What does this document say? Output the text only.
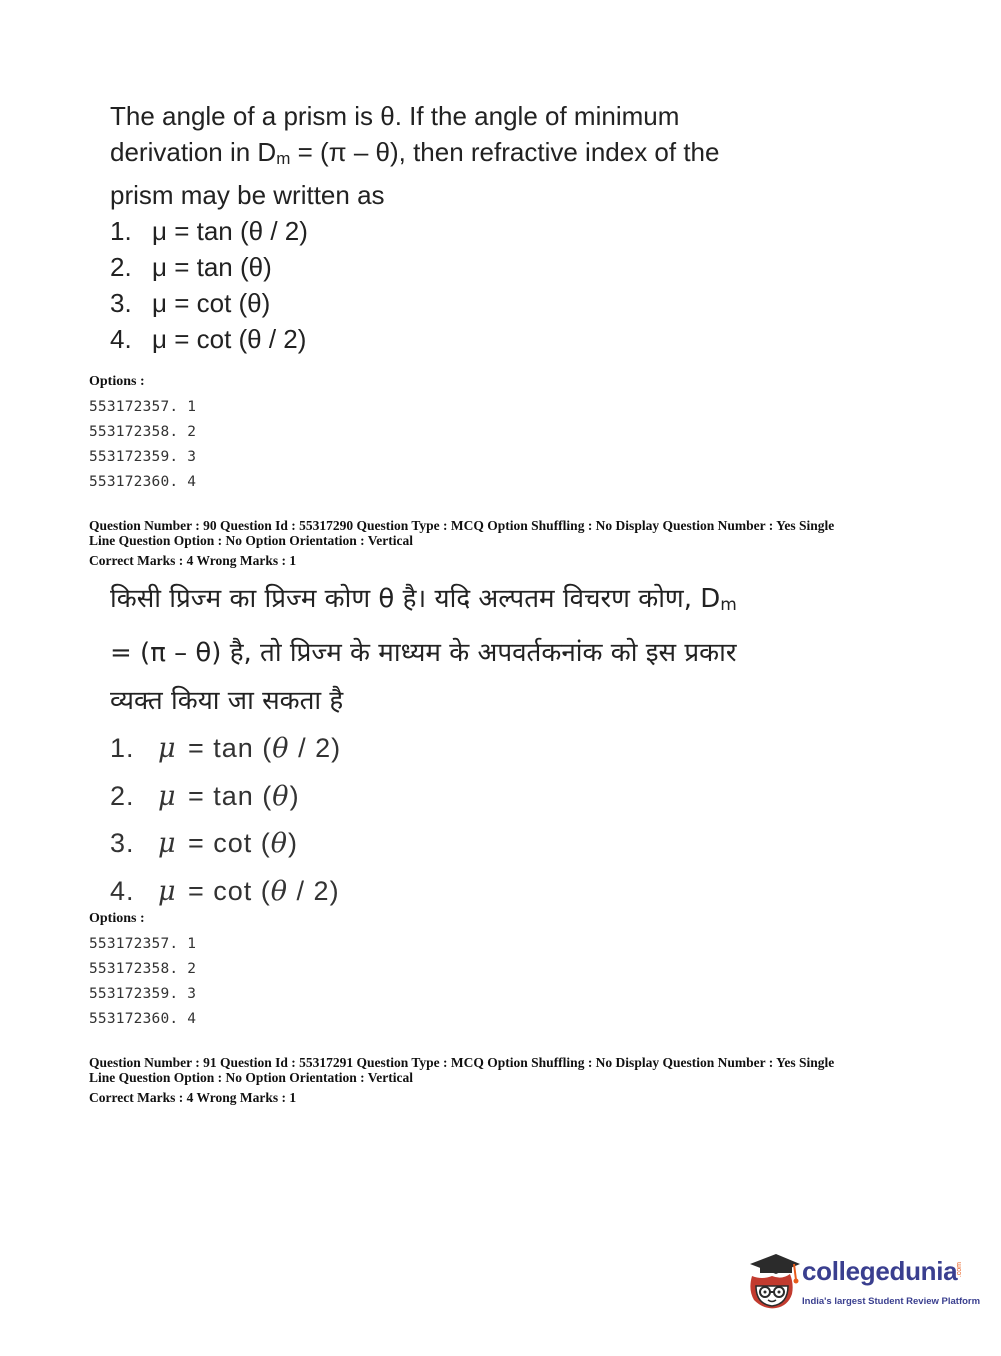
The angle of a prism is θ. If the angle of minimum
derivation in Dm = (π – θ), then refractive index of the
prism may be written as
1. μ = tan (θ / 2)
2. μ = tan (θ)
3. μ = cot (θ)
4. μ = cot (θ / 2)
Options :
553172357. 1
553172358. 2
553172359. 3
553172360. 4
Question Number : 90 Question Id : 55317290 Question Type : MCQ Option Shuffling : No Display Question Number : Yes Single
Line Question Option : No Option Orientation : Vertical
Correct Marks : 4 Wrong Marks : 1
किसी प्रिज्म का प्रिज्म कोण θ है। यदि अल्पतम विचरण कोण, Dm
= (π – θ) है, तो प्रिज्म के माध्यम के अपवर्तकनांक को इस प्रकार
व्यक्त किया जा सकता है
1. μ = tan (θ / 2)
2. μ = tan (θ)
3. μ = cot (θ)
4. μ = cot (θ / 2)
Options :
553172357. 1
553172358. 2
553172359. 3
553172360. 4
Question Number : 91 Question Id : 55317291 Question Type : MCQ Option Shuffling : No Display Question Number : Yes Single
Line Question Option : No Option Orientation : Vertical
Correct Marks : 4 Wrong Marks : 1
collegedunia
.com
India's largest Student Review Platform
